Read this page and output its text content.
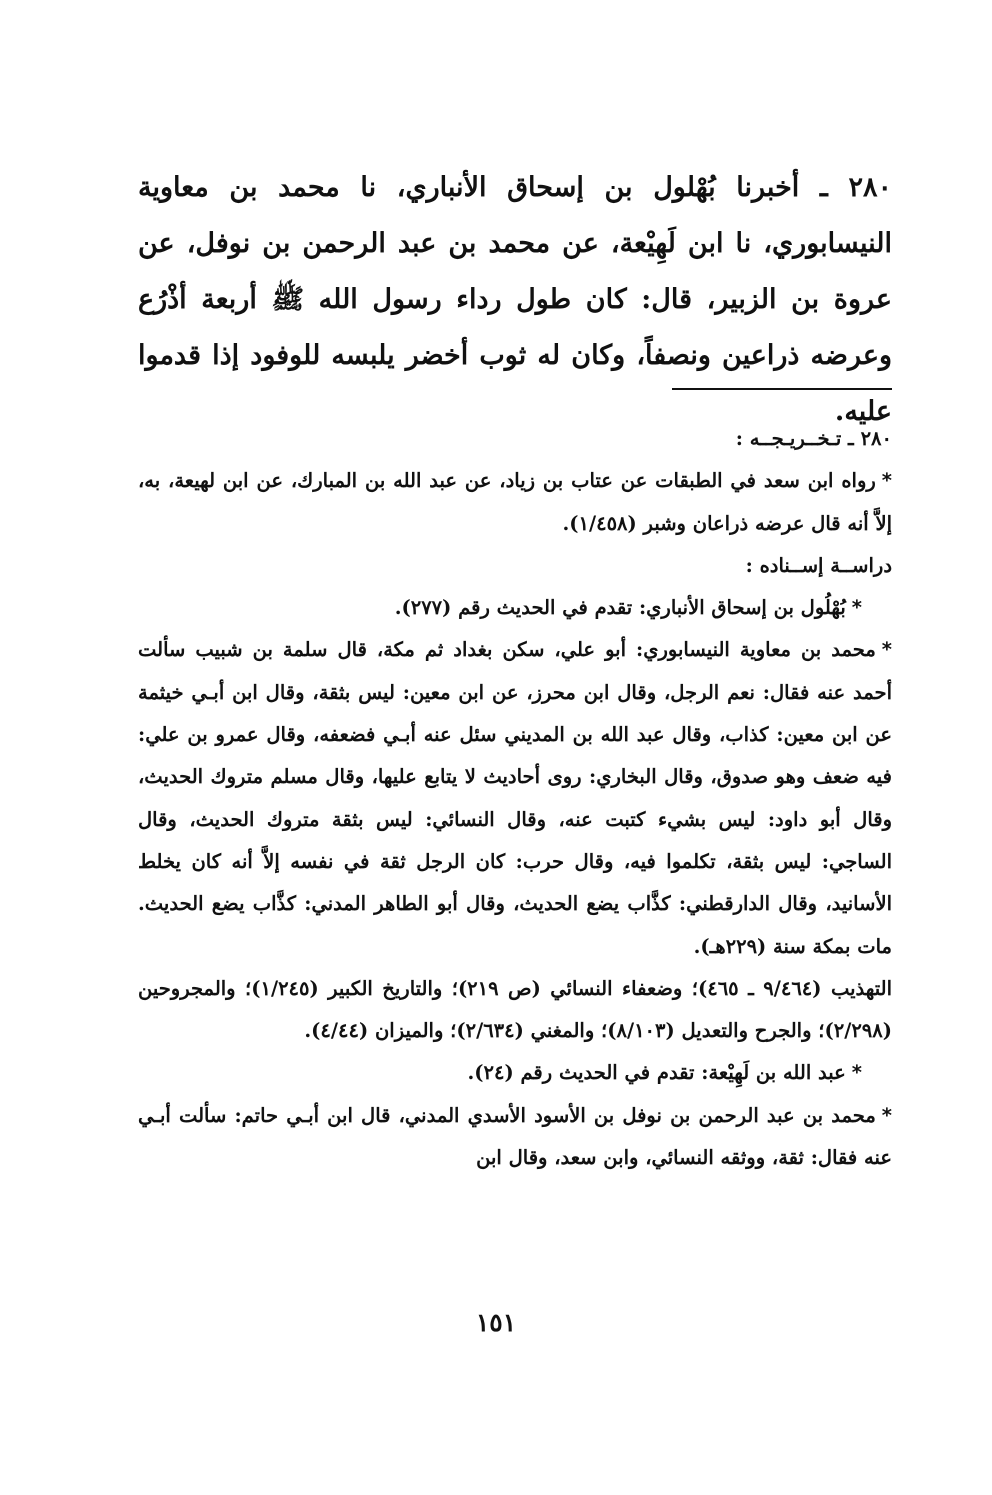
٢٨٠ ـ أخبرنا بُهْلول بن إسحاق الأنباري، نا محمد بن معاوية النيسابوري، نا ابن لَهِيْعة، عن محمد بن عبد الرحمن بن نوفل، عن عروة بن الزبير، قال: كان طول رداء رسول الله ﷺ أربعة أذْرُع وعرضه ذراعين ونصفاً، وكان له ثوب أخضر يلبسه للوفود إذا قدموا عليه.

٢٨٠ ـ تـخــريـجــه :

*رواه ابن سعد في الطبقات عن عتاب بن زياد، عن عبد الله بن المبارك، عن ابن لهيعة، به، إلاَّ أنه قال عرضه ذراعان وشبر (١/٤٥٨).

دراســة إســناده :

*بُهْلُول بن إسحاق الأنباري: تقدم في الحديث رقم (٢٧٧).

*محمد بن معاوية النيسابوري: أبو علي، سكن بغداد ثم مكة، قال سلمة بن شبيب سألت أحمد عنه فقال: نعم الرجل، وقال ابن محرز، عن ابن معين: ليس بثقة، وقال ابن أبـي خيثمة عن ابن معين: كذاب، وقال عبد الله بن المديني سئل عنه أبـي فضعفه، وقال عمرو بن علي: فيه ضعف وهو صدوق، وقال البخاري: روى أحاديث لا يتابع عليها، وقال مسلم متروك الحديث، وقال أبو داود: ليس بشيء كتبت عنه، وقال النسائي: ليس بثقة متروك الحديث، وقال الساجي: ليس بثقة، تكلموا فيه، وقال حرب: كان الرجل ثقة في نفسه إلاَّ أنه كان يخلط الأسانيد، وقال الدارقطني: كذَّاب يضع الحديث، وقال أبو الطاهر المدني: كذَّاب يضع الحديث. مات بمكة سنة (٢٢٩هـ).

التهذيب (٩/٤٦٤ ـ ٤٦٥)؛ وضعفاء النسائي (ص ٢١٩)؛ والتاريخ الكبير (١/٢٤٥)؛ والمجروحين (٢/٢٩٨)؛ والجرح والتعديل (٨/١٠٣)؛ والمغني (٢/٦٣٤)؛ والميزان (٤/٤٤).

*عبد الله بن لَهِيْعة: تقدم في الحديث رقم (٢٤).

*محمد بن عبد الرحمن بن نوفل بن الأسود الأسدي المدني، قال ابن أبـي حاتم: سألت أبـي عنه فقال: ثقة، ووثقه النسائي، وابن سعد، وقال ابن

١٥١
